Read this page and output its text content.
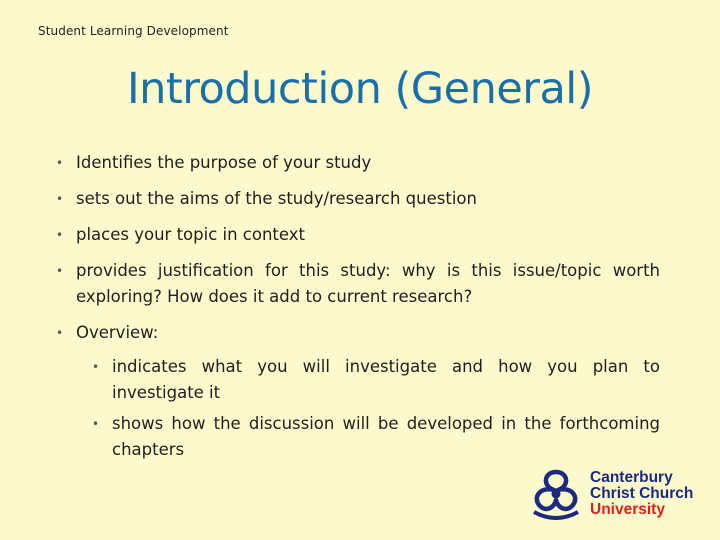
Student Learning Development
Introduction (General)
• Identifies the purpose of your study
• sets out the aims of the study/research question
• places your topic in context
• provides justification for this study: why is this issue/topic worth exploring? How does it add to current research?
• Overview:
• indicates what you will investigate and how you plan to investigate it
• shows how the discussion will be developed in the forthcoming chapters
Canterbury
Christ Church
University
